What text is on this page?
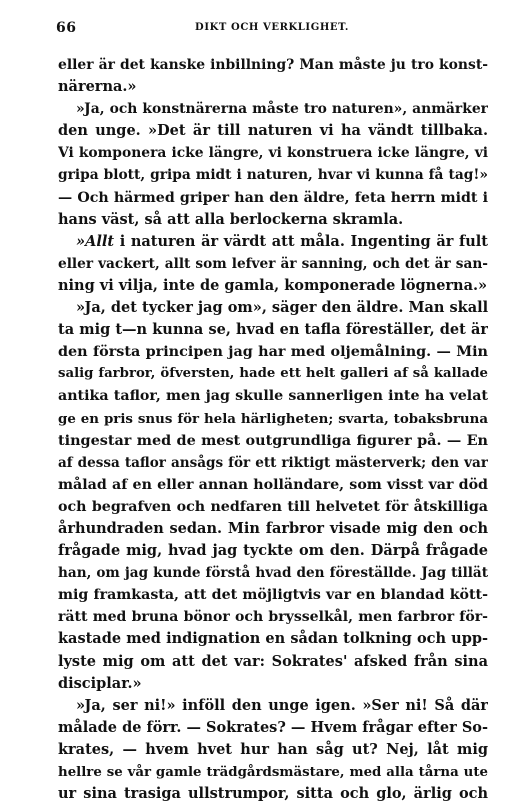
66	DIKT OCH VERKLIGHET.
eller är det kanske inbillning? Man måste ju tro konst-
närerna.»
»Ja, och konstnärerna måste tro naturen», anmärker
den unge. »Det är till naturen vi ha vändt tillbaka.
Vi komponera icke längre, vi konstruera icke längre, vi
gripa blott, gripa midt i naturen, hvar vi kunna få tag!»
— Och härmed griper han den äldre, feta herrn midt i
hans väst, så att alla berlockerna skramla.
»Allt i naturen är värdt att måla. Ingenting är fult
eller vackert, allt som lefver är sanning, och det är san-
ning vi vilja, inte de gamla, komponerade lögnerna.»
»Ja, det tycker jag om», säger den äldre. Man skall
ta mig t—n kunna se, hvad en tafla föreställer, det är
den första principen jag har med oljemålning. — Min
salig farbror, öfversten, hade ett helt galleri af så kallade
antika taflor, men jag skulle sannerligen inte ha velat
ge en pris snus för hela härligheten; svarta, tobaksbruna
tingestar med de mest outgrundliga figurer på. — En
af dessa taflor ansågs för ett riktigt mästerverk; den var
målad af en eller annan holländare, som visst var död
och begrafven och nedfaren till helvetet för åtskilliga
århundraden sedan. Min farbror visade mig den och
frågade mig, hvad jag tyckte om den. Därpå frågade
han, om jag kunde förstå hvad den föreställde. Jag tillät
mig framkasta, att det möjligtvis var en blandad kött-
rätt med bruna bönor och brysselkål, men farbror för-
kastade med indignation en sådan tolkning och upp-
lyste mig om att det var: Sokrates' afsked från sina
disciplar.»
»Ja, ser ni!» inföll den unge igen. »Ser ni! Så där
målade de förr. — Sokrates? — Hvem frågar efter So-
krates, — hvem hvet hur han såg ut? Nej, låt mig
hellre se vår gamle trädgårdsmästare, med alla tårna ute
ur sina trasiga ullstrumpor, sitta och glo, ärlig och
